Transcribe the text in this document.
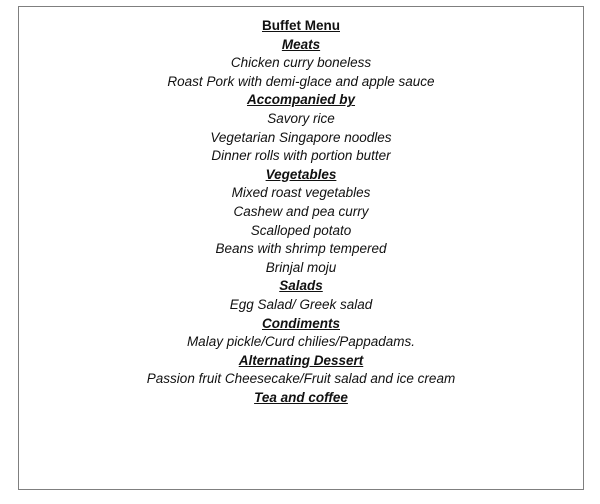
Buffet Menu
Meats
Chicken curry boneless
Roast Pork with demi-glace and apple sauce
Accompanied by
Savory rice
Vegetarian Singapore noodles
Dinner rolls with portion butter
Vegetables
Mixed roast vegetables
Cashew and pea curry
Scalloped potato
Beans with shrimp tempered
Brinjal moju
Salads
Egg Salad/ Greek salad
Condiments
Malay pickle/Curd chilies/Pappadams.
Alternating Dessert
Passion fruit Cheesecake/Fruit salad and ice cream
Tea and coffee
